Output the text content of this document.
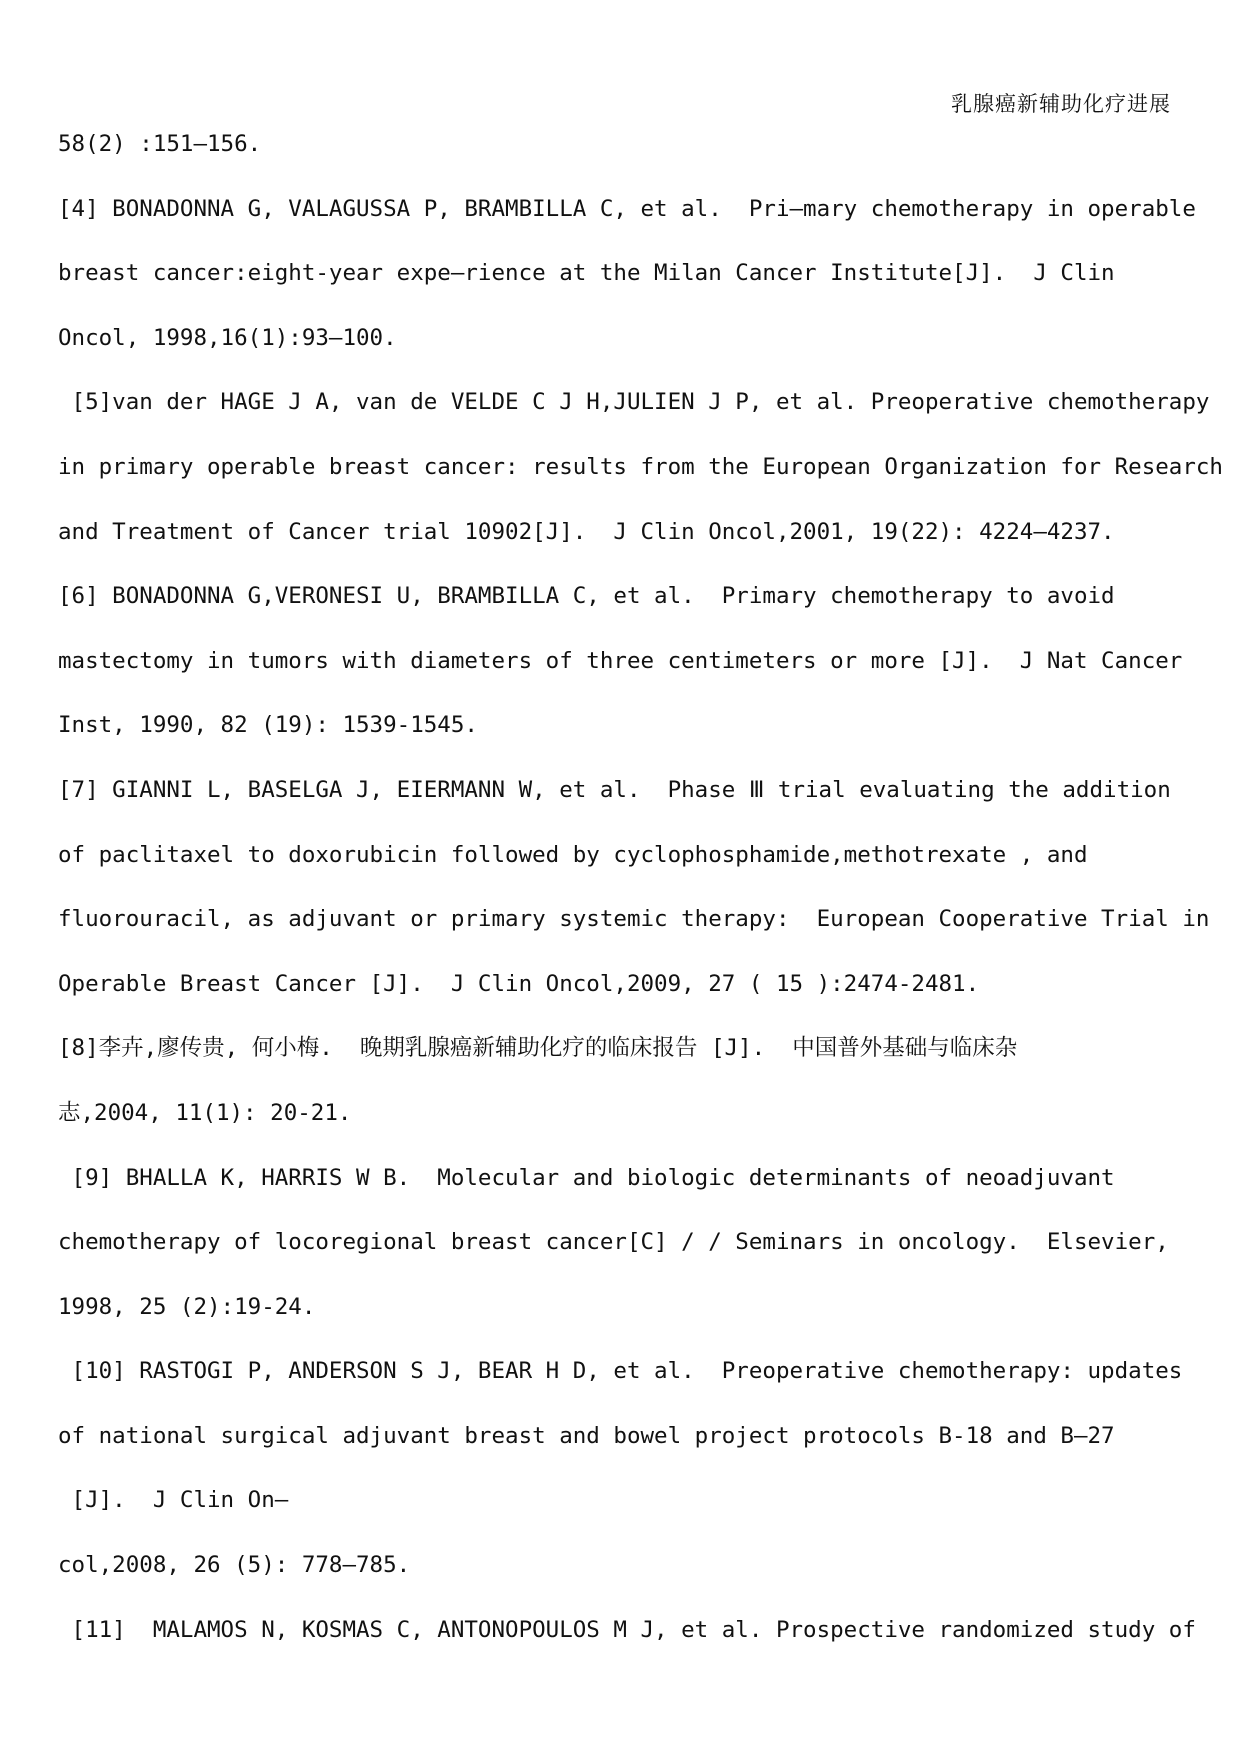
乳腺癌新辅助化疗进展
58(2) :151—156.
[4] BONADONNA G, VALAGUSSA P, BRAMBILLA C, et al.  Pri—mary chemotherapy in operable
breast cancer:eight-year expe—rience at the Milan Cancer Institute[J].  J Clin
Oncol, 1998,16(1):93—100.
[5]van der HAGE J A, van de VELDE C J H,JULIEN J P, et al. Preoperative chemotherapy
in primary operable breast cancer: results from the European Organization for Research
and Treatment of Cancer trial 10902[J].  J Clin Oncol,2001, 19(22): 4224—4237.
[6] BONADONNA G,VERONESI U, BRAMBILLA C, et al.  Primary chemotherapy to avoid
mastectomy in tumors with diameters of three centimeters or more [J].  J Nat Cancer
Inst, 1990, 82 (19): 1539-1545.
[7] GIANNI L, BASELGA J, EIERMANN W, et al.  Phase Ⅲ trial evaluating the addition
of paclitaxel to doxorubicin followed by cyclophosphamide,methotrexate , and
fluorouracil, as adjuvant or primary systemic therapy:  European Cooperative Trial in
Operable Breast Cancer [J].  J Clin Oncol,2009, 27 ( 15 ):2474-2481.
[8]李卉,廖传贵, 何小梅.  晚期乳腺癌新辅助化疗的临床报告 [J].  中国普外基础与临床杂
志,2004, 11(1): 20-21.
[9] BHALLA K, HARRIS W B.  Molecular and biologic determinants of neoadjuvant
chemotherapy of locoregional breast cancer[C] / / Seminars in oncology.  Elsevier,
1998, 25 (2):19-24.
[10] RASTOGI P, ANDERSON S J, BEAR H D, et al.  Preoperative chemotherapy: updates
of national surgical adjuvant breast and bowel project protocols B-18 and B—27
[J].  J Clin On—
col,2008, 26 (5): 778—785.
[11]  MALAMOS N, KOSMAS C, ANTONOPOULOS M J, et al. Prospective randomized study of
